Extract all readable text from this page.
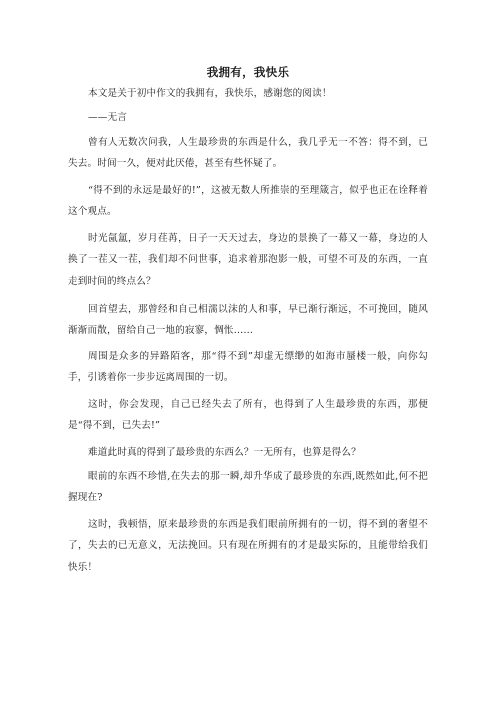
我拥有，我快乐

本文是关于初中作文的我拥有，我快乐，感谢您的阅读！

——无言

曾有人无数次问我，人生最珍贵的东西是什么，我几乎无一不答：得不到，已失去。时间一久，便对此厌倦，甚至有些怀疑了。

“得不到的永远是最好的!”，这被无数人所推崇的至理箴言，似乎也正在诠释着这个观点。

时光氤氲，岁月荏苒，日子一天天过去，身边的景换了一幕又一幕，身边的人换了一茬又一茬，我们却不问世事，追求着那泡影一般，可望不可及的东西，一直走到时间的终点么？

回首望去，那曾经和自己相濡以沫的人和事，早已渐行渐远，不可挽回，随风渐渐而散，留给自己一地的寂寥，惆怅……

周围是众多的异路陌客，那“得不到”却虚无缥缈的如海市蜃楼一般，向你勾手，引诱着你一步步远离周围的一切。

这时，你会发现，自己已经失去了所有，也得到了人生最珍贵的东西，那便是“得不到，已失去!”

难道此时真的得到了最珍贵的东西么？一无所有，也算是得么？

眼前的东西不珍惜,在失去的那一瞬,却升华成了最珍贵的东西,既然如此,何不把握现在?

这时，我顿悟，原来最珍贵的东西是我们眼前所拥有的一切，得不到的奢望不了，失去的已无意义，无法挽回。只有现在所拥有的才是最实际的，且能带给我们快乐！
